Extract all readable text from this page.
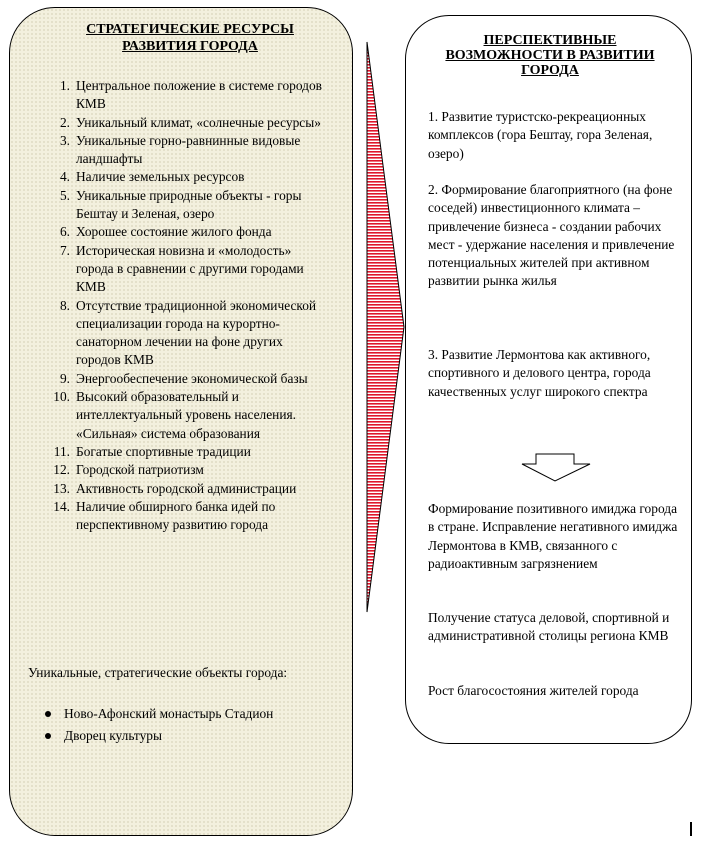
СТРАТЕГИЧЕСКИЕ РЕСУРСЫ
РАЗВИТИЯ ГОРОДА
1. Центральное положение в системе городов КМВ
2. Уникальный климат, «солнечные ресурсы»
3. Уникальные горно-равнинные видовые ландшафты
4. Наличие земельных ресурсов
5. Уникальные природные объекты - горы Бештау и Зеленая, озеро
6. Хорошее состояние жилого фонда
7. Историческая новизна и «молодость» города в сравнении с другими городами КМВ
8. Отсутствие традиционной экономической специализации города на курортно-санаторном лечении на фоне других городов КМВ
9. Энергообеспечение экономической базы
10. Высокий образовательный и интеллектуальный уровень населения. «Сильная» система образования
11. Богатые спортивные традиции
12. Городской патриотизм
13. Активность городской администрации
14. Наличие обширного банка идей по перспективному развитию города
Уникальные, стратегические объекты города:
Ново-Афонский монастырь Стадион
Дворец культуры
ПЕРСПЕКТИВНЫЕ
ВОЗМОЖНОСТИ В РАЗВИТИИ
ГОРОДА
1. Развитие туристско-рекреационных комплексов (гора Бештау, гора Зеленая, озеро)
2. Формирование благоприятного (на фоне соседей) инвестиционного климата – привлечение бизнеса - создании рабочих мест - удержание населения и привлечение потенциальных жителей при активном развитии рынка жилья
3. Развитие Лермонтова как активного, спортивного и делового центра, города качественных услуг широкого спектра
Формирование позитивного имиджа города в стране. Исправление негативного имиджа Лермонтова в КМВ, связанного с радиоактивным загрязнением
Получение статуса деловой, спортивной и административной столицы региона КМВ
Рост благосостояния жителей города
